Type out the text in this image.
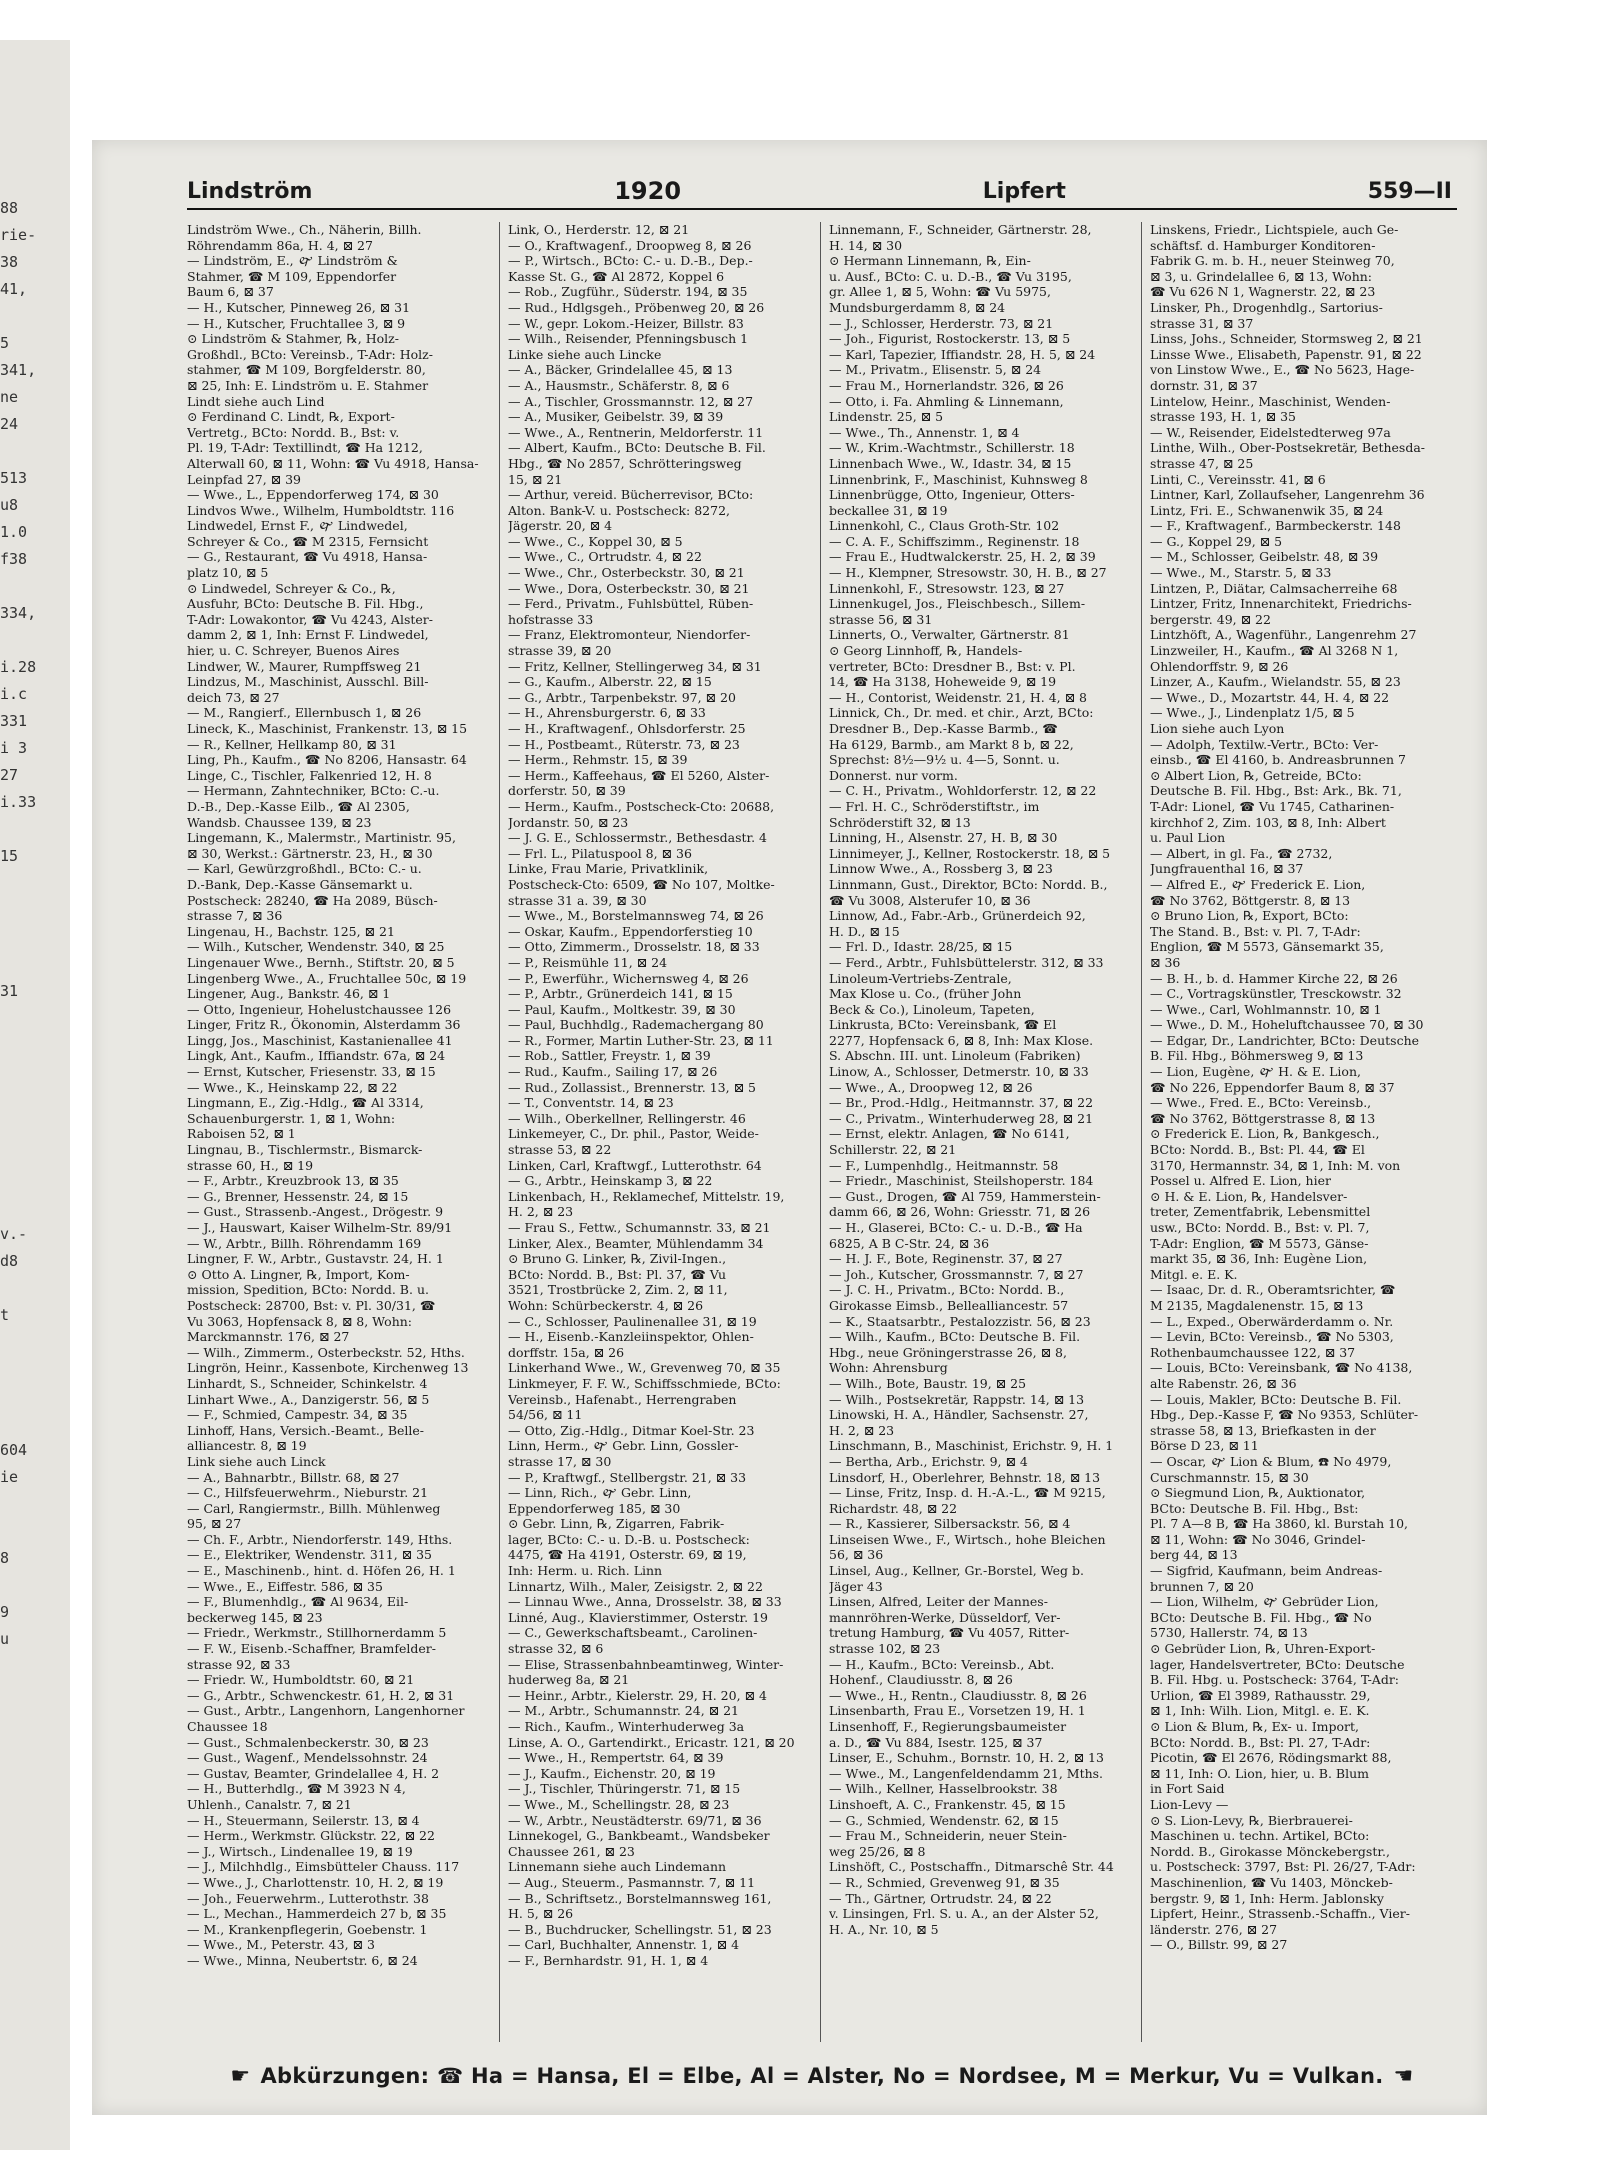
88
rie-
38
41,

5
341,
ne
24

513
u8
1.0
f38

334,

i.28
i.c
331
i 3
27
i.33

15

31

v.-
d8

t

604
ie

8

9
u
Lindström	1920	Lipfert	559—II
Lindström Wwe., Ch., Näherin, Billh.
Röhrendamm 86a, H. 4, ⊠ 27
— Lindström, E., 🙰 Lindström &
Stahmer, ☎ M 109, Eppendorfer
Baum 6, ⊠ 37
— H., Kutscher, Pinneweg 26, ⊠ 31
— H., Kutscher, Fruchtallee 3, ⊠ 9
⊙ Lindström & Stahmer, ℞, Holz-
Großhdl., BCto: Vereinsb., T-Adr: Holz-
stahmer, ☎ M 109, Borgfelderstr. 80,
⊠ 25, Inh: E. Lindström u. E. Stahmer
Lindt siehe auch Lind
⊙ Ferdinand C. Lindt, ℞, Export-
Vertretg., BCto: Nordd. B., Bst: v.
Pl. 19, T-Adr: Textillindt, ☎ Ha 1212,
Alterwall 60, ⊠ 11, Wohn: ☎ Vu 4918, Hansa-
Leinpfad 27, ⊠ 39
— Wwe., L., Eppendorferweg 174, ⊠ 30
Lindvos Wwe., Wilhelm, Humboldtstr. 116
Lindwedel, Ernst F., 🙰 Lindwedel,
Schreyer & Co., ☎ M 2315, Fernsicht
— G., Restaurant, ☎ Vu 4918, Hansa-
platz 10, ⊠ 5
⊙ Lindwedel, Schreyer & Co., ℞,
Ausfuhr, BCto: Deutsche B. Fil. Hbg.,
T-Adr: Lowakontor, ☎ Vu 4243, Alster-
damm 2, ⊠ 1, Inh: Ernst F. Lindwedel,
hier, u. C. Schreyer, Buenos Aires
Lindwer, W., Maurer, Rumpffsweg 21
Lindzus, M., Maschinist, Ausschl. Bill-
deich 73, ⊠ 27
— M., Rangierf., Ellernbusch 1, ⊠ 26
Lineck, K., Maschinist, Frankenstr. 13, ⊠ 15
— R., Kellner, Hellkamp 80, ⊠ 31
Ling, Ph., Kaufm., ☎ No 8206, Hansastr. 64
Linge, C., Tischler, Falkenried 12, H. 8
— Hermann, Zahntechniker, BCto: C.-u.
D.-B., Dep.-Kasse Eilb., ☎ Al 2305,
Wandsb. Chaussee 139, ⊠ 23
Lingemann, K., Malermstr., Martinistr. 95,
⊠ 30, Werkst.: Gärtnerstr. 23, H., ⊠ 30
— Karl, Gewürzgroßhdl., BCto: C.- u.
D.-Bank, Dep.-Kasse Gänsemarkt u.
Postscheck: 28240, ☎ Ha 2089, Büsch-
strasse 7, ⊠ 36
Lingenau, H., Bachstr. 125, ⊠ 21
— Wilh., Kutscher, Wendenstr. 340, ⊠ 25
Lingenauer Wwe., Bernh., Stiftstr. 20, ⊠ 5
Lingenberg Wwe., A., Fruchtallee 50c, ⊠ 19
Lingener, Aug., Bankstr. 46, ⊠ 1
— Otto, Ingenieur, Hohelustchaussee 126
Linger, Fritz R., Ökonomin, Alsterdamm 36
Lingg, Jos., Maschinist, Kastanienallee 41
Lingk, Ant., Kaufm., Iffiandstr. 67a, ⊠ 24
— Ernst, Kutscher, Friesenstr. 33, ⊠ 15
— Wwe., K., Heinskamp 22, ⊠ 22
Lingmann, E., Zig.-Hdlg., ☎ Al 3314,
Schauenburgerstr. 1, ⊠ 1, Wohn:
Raboisen 52, ⊠ 1
Lingnau, B., Tischlermstr., Bismarck-
strasse 60, H., ⊠ 19
— F., Arbtr., Kreuzbrook 13, ⊠ 35
— G., Brenner, Hessenstr. 24, ⊠ 15
— Gust., Strassenb.-Angest., Drögestr. 9
— J., Hauswart, Kaiser Wilhelm-Str. 89/91
— W., Arbtr., Billh. Röhrendamm 169
Lingner, F. W., Arbtr., Gustavstr. 24, H. 1
⊙ Otto A. Lingner, ℞, Import, Kom-
mission, Spedition, BCto: Nordd. B. u.
Postscheck: 28700, Bst: v. Pl. 30/31, ☎
Vu 3063, Hopfensack 8, ⊠ 8, Wohn:
Marckmannstr. 176, ⊠ 27
— Wilh., Zimmerm., Osterbeckstr. 52, Hths.
Lingrön, Heinr., Kassenbote, Kirchenweg 13
Linhardt, S., Schneider, Schinkelstr. 4
Linhart Wwe., A., Danzigerstr. 56, ⊠ 5
— F., Schmied, Campestr. 34, ⊠ 35
Linhoff, Hans, Versich.-Beamt., Belle-
alliancestr. 8, ⊠ 19
Link siehe auch Linck
— A., Bahnarbtr., Billstr. 68, ⊠ 27
— C., Hilfsfeuerwehrm., Nieburstr. 21
— Carl, Rangiermstr., Billh. Mühlenweg
95, ⊠ 27
— Ch. F., Arbtr., Niendorferstr. 149, Hths.
— E., Elektriker, Wendenstr. 311, ⊠ 35
— E., Maschinenb., hint. d. Höfen 26, H. 1
— Wwe., E., Eiffestr. 586, ⊠ 35
— F., Blumenhdlg., ☎ Al 9634, Eil-
beckerweg 145, ⊠ 23
— Friedr., Werkmstr., Stillhornerdamm 5
— F. W., Eisenb.-Schaffner, Bramfelder-
strasse 92, ⊠ 33
— Friedr. W., Humboldtstr. 60, ⊠ 21
— G., Arbtr., Schwenckestr. 61, H. 2, ⊠ 31
— Gust., Arbtr., Langenhorn, Langenhorner
Chaussee 18
— Gust., Schmalenbeckerstr. 30, ⊠ 23
— Gust., Wagenf., Mendelssohnstr. 24
— Gustav, Beamter, Grindelallee 4, H. 2
— H., Butterhdlg., ☎ M 3923 N 4,
Uhlenh., Canalstr. 7, ⊠ 21
— H., Steuermann, Seilerstr. 13, ⊠ 4
— Herm., Werkmstr. Glückstr. 22, ⊠ 22
— J., Wirtsch., Lindenallee 19, ⊠ 19
— J., Milchhdlg., Eimsbütteler Chauss. 117
— Wwe., J., Charlottenstr. 10, H. 2, ⊠ 19
— Joh., Feuerwehrm., Lutterothstr. 38
— L., Mechan., Hammerdeich 27 b, ⊠ 35
— M., Krankenpflegerin, Goebenstr. 1
— Wwe., M., Peterstr. 43, ⊠ 3
— Wwe., Minna, Neubertstr. 6, ⊠ 24
Link, O., Herderstr. 12, ⊠ 21
— O., Kraftwagenf., Droopweg 8, ⊠ 26
— P., Wirtsch., BCto: C.- u. D.-B., Dep.-
Kasse St. G., ☎ Al 2872, Koppel 6
— Rob., Zugführ., Süderstr. 194, ⊠ 35
— Rud., Hdlgsgeh., Pröbenweg 20, ⊠ 26
— W., gepr. Lokom.-Heizer, Billstr. 83
— Wilh., Reisender, Pfenningsbusch 1
Linke siehe auch Lincke
— A., Bäcker, Grindelallee 45, ⊠ 13
— A., Hausmstr., Schäferstr. 8, ⊠ 6
— A., Tischler, Grossmannstr. 12, ⊠ 27
— A., Musiker, Geibelstr. 39, ⊠ 39
— Wwe., A., Rentnerin, Meldorferstr. 11
— Albert, Kaufm., BCto: Deutsche B. Fil.
Hbg., ☎ No 2857, Schrötteringsweg
15, ⊠ 21
— Arthur, vereid. Bücherrevisor, BCto:
Alton. Bank-V. u. Postscheck: 8272,
Jägerstr. 20, ⊠ 4
— Wwe., C., Koppel 30, ⊠ 5
— Wwe., C., Ortrudstr. 4, ⊠ 22
— Wwe., Chr., Osterbeckstr. 30, ⊠ 21
— Wwe., Dora, Osterbeckstr. 30, ⊠ 21
— Ferd., Privatm., Fuhlsbüttel, Rüben-
hofstrasse 33
— Franz, Elektromonteur, Niendorfer-
strasse 39, ⊠ 20
— Fritz, Kellner, Stellingerweg 34, ⊠ 31
— G., Kaufm., Alberstr. 22, ⊠ 15
— G., Arbtr., Tarpenbekstr. 97, ⊠ 20
— H., Ahrensburgerstr. 6, ⊠ 33
— H., Kraftwagenf., Ohlsdorferstr. 25
— H., Postbeamt., Rüterstr. 73, ⊠ 23
— Herm., Rehmstr. 15, ⊠ 39
— Herm., Kaffeehaus, ☎ El 5260, Alster-
dorferstr. 50, ⊠ 39
— Herm., Kaufm., Postscheck-Cto: 20688,
Jordanstr. 50, ⊠ 23
— J. G. E., Schlossermstr., Bethesdastr. 4
— Frl. L., Pilatuspool 8, ⊠ 36
Linke, Frau Marie, Privatklinik,
Postscheck-Cto: 6509, ☎ No 107, Moltke-
strasse 31 a. 39, ⊠ 30
— Wwe., M., Borstelmannsweg 74, ⊠ 26
— Oskar, Kaufm., Eppendorferstieg 10
— Otto, Zimmerm., Drosselstr. 18, ⊠ 33
— P., Reismühle 11, ⊠ 24
— P., Ewerführ., Wichernsweg 4, ⊠ 26
— P., Arbtr., Grünerdeich 141, ⊠ 15
— Paul, Kaufm., Moltkestr. 39, ⊠ 30
— Paul, Buchhdlg., Rademachergang 80
— R., Former, Martin Luther-Str. 23, ⊠ 11
— Rob., Sattler, Freystr. 1, ⊠ 39
— Rud., Kaufm., Sailing 17, ⊠ 26
— Rud., Zollassist., Brennerstr. 13, ⊠ 5
— T., Conventstr. 14, ⊠ 23
— Wilh., Oberkellner, Rellingerstr. 46
Linkemeyer, C., Dr. phil., Pastor, Weide-
strasse 53, ⊠ 22
Linken, Carl, Kraftwgf., Lutterothstr. 64
— G., Arbtr., Heinskamp 3, ⊠ 22
Linkenbach, H., Reklamechef, Mittelstr. 19,
H. 2, ⊠ 23
— Frau S., Fettw., Schumannstr. 33, ⊠ 21
Linker, Alex., Beamter, Mühlendamm 34
⊙ Bruno G. Linker, ℞, Zivil-Ingen.,
BCto: Nordd. B., Bst: Pl. 37, ☎ Vu
3521, Trostbrücke 2, Zim. 2, ⊠ 11,
Wohn: Schürbeckerstr. 4, ⊠ 26
— C., Schlosser, Paulinenallee 31, ⊠ 19
— H., Eisenb.-Kanzleiinspektor, Ohlen-
dorffstr. 15a, ⊠ 26
Linkerhand Wwe., W., Grevenweg 70, ⊠ 35
Linkmeyer, F. F. W., Schiffsschmiede, BCto:
Vereinsb., Hafenabt., Herrengraben
54/56, ⊠ 11
— Otto, Zig.-Hdlg., Ditmar Koel-Str. 23
Linn, Herm., 🙰 Gebr. Linn, Gossler-
strasse 17, ⊠ 30
— P., Kraftwgf., Stellbergstr. 21, ⊠ 33
— Linn, Rich., 🙰 Gebr. Linn,
Eppendorferweg 185, ⊠ 30
⊙ Gebr. Linn, ℞, Zigarren, Fabrik-
lager, BCto: C.- u. D.-B. u. Postscheck:
4475, ☎ Ha 4191, Osterstr. 69, ⊠ 19,
Inh: Herm. u. Rich. Linn
Linnartz, Wilh., Maler, Zeisigstr. 2, ⊠ 22
— Linnau Wwe., Anna, Drosselstr. 38, ⊠ 33
Linné, Aug., Klavierstimmer, Osterstr. 19
— C., Gewerkschaftsbeamt., Carolinen-
strasse 32, ⊠ 6
— Elise, Strassenbahnbeamtinweg, Winter-
huderweg 8a, ⊠ 21
— Heinr., Arbtr., Kielerstr. 29, H. 20, ⊠ 4
— M., Arbtr., Schumannstr. 24, ⊠ 21
— Rich., Kaufm., Winterhuderweg 3a
Linse, A. O., Gartendirkt., Ericastr. 121, ⊠ 20
— Wwe., H., Rempertstr. 64, ⊠ 39
— J., Kaufm., Eichenstr. 20, ⊠ 19
— J., Tischler, Thüringerstr. 71, ⊠ 15
— Wwe., M., Schellingstr. 28, ⊠ 23
— W., Arbtr., Neustädterstr. 69/71, ⊠ 36
Linnekogel, G., Bankbeamt., Wandsbeker
Chaussee 261, ⊠ 23
Linnemann siehe auch Lindemann
— Aug., Steuerm., Pasmannstr. 7, ⊠ 11
— B., Schriftsetz., Borstelmannsweg 161,
H. 5, ⊠ 26
— B., Buchdrucker, Schellingstr. 51, ⊠ 23
— Carl, Buchhalter, Annenstr. 1, ⊠ 4
— F., Bernhardstr. 91, H. 1, ⊠ 4
Linnemann, F., Schneider, Gärtnerstr. 28,
H. 14, ⊠ 30
⊙ Hermann Linnemann, ℞, Ein-
u. Ausf., BCto: C. u. D.-B., ☎ Vu 3195,
gr. Allee 1, ⊠ 5, Wohn: ☎ Vu 5975,
Mundsburgerdamm 8, ⊠ 24
— J., Schlosser, Herderstr. 73, ⊠ 21
— Joh., Figurist, Rostockerstr. 13, ⊠ 5
— Karl, Tapezier, Iffiandstr. 28, H. 5, ⊠ 24
— M., Privatm., Elisenstr. 5, ⊠ 24
— Frau M., Hornerlandstr. 326, ⊠ 26
— Otto, i. Fa. Ahmling & Linnemann,
Lindenstr. 25, ⊠ 5
— Wwe., Th., Annenstr. 1, ⊠ 4
— W., Krim.-Wachtmstr., Schillerstr. 18
Linnenbach Wwe., W., Idastr. 34, ⊠ 15
Linnenbrink, F., Maschinist, Kuhnsweg 8
Linnenbrügge, Otto, Ingenieur, Otters-
beckallee 31, ⊠ 19
Linnenkohl, C., Claus Groth-Str. 102
— C. A. F., Schiffszimm., Reginenstr. 18
— Frau E., Hudtwalckerstr. 25, H. 2, ⊠ 39
— H., Klempner, Stresowstr. 30, H. B., ⊠ 27
Linnenkohl, F., Stresowstr. 123, ⊠ 27
Linnenkugel, Jos., Fleischbesch., Sillem-
strasse 56, ⊠ 31
Linnerts, O., Verwalter, Gärtnerstr. 81
⊙ Georg Linnhoff, ℞, Handels-
vertreter, BCto: Dresdner B., Bst: v. Pl.
14, ☎ Ha 3138, Hoheweide 9, ⊠ 19
— H., Contorist, Weidenstr. 21, H. 4, ⊠ 8
Linnick, Ch., Dr. med. et chir., Arzt, BCto:
Dresdner B., Dep.-Kasse Barmb., ☎
Ha 6129, Barmb., am Markt 8 b, ⊠ 22,
Sprechst: 8½—9½ u. 4—5, Sonnt. u.
Donnerst. nur vorm.
— C. H., Privatm., Wohldorferstr. 12, ⊠ 22
— Frl. H. C., Schröderstiftstr., im
Schröderstift 32, ⊠ 13
Linning, H., Alsenstr. 27, H. B, ⊠ 30
Linnimeyer, J., Kellner, Rostockerstr. 18, ⊠ 5
Linnow Wwe., A., Rossberg 3, ⊠ 23
Linnmann, Gust., Direktor, BCto: Nordd. B.,
☎ Vu 3008, Alsterufer 10, ⊠ 36
Linnow, Ad., Fabr.-Arb., Grünerdeich 92,
H. D., ⊠ 15
— Frl. D., Idastr. 28/25, ⊠ 15
— Ferd., Arbtr., Fuhlsbüttelerstr. 312, ⊠ 33
Linoleum-Vertriebs-Zentrale,
Max Klose u. Co., (früher John
Beck & Co.), Linoleum, Tapeten,
Linkrusta, BCto: Vereinsbank, ☎ El
2277, Hopfensack 6, ⊠ 8, Inh: Max Klose.
S. Abschn. III. unt. Linoleum (Fabriken)
Linow, A., Schlosser, Detmerstr. 10, ⊠ 33
— Wwe., A., Droopweg 12, ⊠ 26
— Br., Prod.-Hdlg., Heitmannstr. 37, ⊠ 22
— C., Privatm., Winterhuderweg 28, ⊠ 21
— Ernst, elektr. Anlagen, ☎ No 6141,
Schillerstr. 22, ⊠ 21
— F., Lumpenhdlg., Heitmannstr. 58
— Friedr., Maschinist, Steilshoperstr. 184
— Gust., Drogen, ☎ Al 759, Hammerstein-
damm 66, ⊠ 26, Wohn: Griesstr. 71, ⊠ 26
— H., Glaserei, BCto: C.- u. D.-B., ☎ Ha
6825, A B C-Str. 24, ⊠ 36
— H. J. F., Bote, Reginenstr. 37, ⊠ 27
— Joh., Kutscher, Grossmannstr. 7, ⊠ 27
— J. C. H., Privatm., BCto: Nordd. B.,
Girokasse Eimsb., Bellealliancestr. 57
— K., Staatsarbtr., Pestalozzistr. 56, ⊠ 23
— Wilh., Kaufm., BCto: Deutsche B. Fil.
Hbg., neue Gröningerstrasse 26, ⊠ 8,
Wohn: Ahrensburg
— Wilh., Bote, Baustr. 19, ⊠ 25
— Wilh., Postsekretär, Rappstr. 14, ⊠ 13
Linowski, H. A., Händler, Sachsenstr. 27,
H. 2, ⊠ 23
Linschmann, B., Maschinist, Erichstr. 9, H. 1
— Bertha, Arb., Erichstr. 9, ⊠ 4
Linsdorf, H., Oberlehrer, Behnstr. 18, ⊠ 13
— Linse, Fritz, Insp. d. H.-A.-L., ☎ M 9215,
Richardstr. 48, ⊠ 22
— R., Kassierer, Silbersackstr. 56, ⊠ 4
Linseisen Wwe., F., Wirtsch., hohe Bleichen
56, ⊠ 36
Linsel, Aug., Kellner, Gr.-Borstel, Weg b.
Jäger 43
Linsen, Alfred, Leiter der Mannes-
mannröhren-Werke, Düsseldorf, Ver-
tretung Hamburg, ☎ Vu 4057, Ritter-
strasse 102, ⊠ 23
— H., Kaufm., BCto: Vereinsb., Abt.
Hohenf., Claudiusstr. 8, ⊠ 26
— Wwe., H., Rentn., Claudiusstr. 8, ⊠ 26
Linsenbarth, Frau E., Vorsetzen 19, H. 1
Linsenhoff, F., Regierungsbaumeister
a. D., ☎ Vu 884, Isestr. 125, ⊠ 37
Linser, E., Schuhm., Bornstr. 10, H. 2, ⊠ 13
— Wwe., M., Langenfeldendamm 21, Mths.
— Wilh., Kellner, Hasselbrookstr. 38
Linshoeft, A. C., Frankenstr. 45, ⊠ 15
— G., Schmied, Wendenstr. 62, ⊠ 15
— Frau M., Schneiderin, neuer Stein-
weg 25/26, ⊠ 8
Linshöft, C., Postschaffn., Ditmarschê Str. 44
— R., Schmied, Grevenweg 91, ⊠ 35
— Th., Gärtner, Ortrudstr. 24, ⊠ 22
v. Linsingen, Frl. S. u. A., an der Alster 52,
H. A., Nr. 10, ⊠ 5
Linskens, Friedr., Lichtspiele, auch Ge-
schäftsf. d. Hamburger Konditoren-
Fabrik G. m. b. H., neuer Steinweg 70,
⊠ 3, u. Grindelallee 6, ⊠ 13, Wohn:
☎ Vu 626 N 1, Wagnerstr. 22, ⊠ 23
Linsker, Ph., Drogenhdlg., Sartorius-
strasse 31, ⊠ 37
Linss, Johs., Schneider, Stormsweg 2, ⊠ 21
Linsse Wwe., Elisabeth, Papenstr. 91, ⊠ 22
von Linstow Wwe., E., ☎ No 5623, Hage-
dornstr. 31, ⊠ 37
Lintelow, Heinr., Maschinist, Wenden-
strasse 193, H. 1, ⊠ 35
— W., Reisender, Eidelstedterweg 97a
Linthe, Wilh., Ober-Postsekretär, Bethesda-
strasse 47, ⊠ 25
Linti, C., Vereinsstr. 41, ⊠ 6
Lintner, Karl, Zollaufseher, Langenrehm 36
Lintz, Fri. E., Schwanenwik 35, ⊠ 24
— F., Kraftwagenf., Barmbeckerstr. 148
— G., Koppel 29, ⊠ 5
— M., Schlosser, Geibelstr. 48, ⊠ 39
— Wwe., M., Starstr. 5, ⊠ 33
Lintzen, P., Diätar, Calmsacherreihe 68
Lintzer, Fritz, Innenarchitekt, Friedrichs-
bergerstr. 49, ⊠ 22
Lintzhöft, A., Wagenführ., Langenrehm 27
Linzweiler, H., Kaufm., ☎ Al 3268 N 1,
Ohlendorffstr. 9, ⊠ 26
Linzer, A., Kaufm., Wielandstr. 55, ⊠ 23
— Wwe., D., Mozartstr. 44, H. 4, ⊠ 22
— Wwe., J., Lindenplatz 1/5, ⊠ 5
Lion siehe auch Lyon
— Adolph, Textilw.-Vertr., BCto: Ver-
einsb., ☎ El 4160, b. Andreasbrunnen 7
⊙ Albert Lion, ℞, Getreide, BCto:
Deutsche B. Fil. Hbg., Bst: Ark., Bk. 71,
T-Adr: Lionel, ☎ Vu 1745, Catharinen-
kirchhof 2, Zim. 103, ⊠ 8, Inh: Albert
u. Paul Lion
— Albert, in gl. Fa., ☎ 2732,
Jungfrauenthal 16, ⊠ 37
— Alfred E., 🙰 Frederick E. Lion,
☎ No 3762, Böttgerstr. 8, ⊠ 13
⊙ Bruno Lion, ℞, Export, BCto:
The Stand. B., Bst: v. Pl. 7, T-Adr:
Englion, ☎ M 5573, Gänsemarkt 35,
⊠ 36
— B. H., b. d. Hammer Kirche 22, ⊠ 26
— C., Vortragskünstler, Tresckowstr. 32
— Wwe., Carl, Wohlmannstr. 10, ⊠ 1
— Wwe., D. M., Hoheluftchaussee 70, ⊠ 30
— Edgar, Dr., Landrichter, BCto: Deutsche
B. Fil. Hbg., Böhmersweg 9, ⊠ 13
— Lion, Eugène, 🙰 H. & E. Lion,
☎ No 226, Eppendorfer Baum 8, ⊠ 37
— Wwe., Fred. E., BCto: Vereinsb.,
☎ No 3762, Böttgerstrasse 8, ⊠ 13
⊙ Frederick E. Lion, ℞, Bankgesch.,
BCto: Nordd. B., Bst: Pl. 44, ☎ El
3170, Hermannstr. 34, ⊠ 1, Inh: M. von
Possel u. Alfred E. Lion, hier
⊙ H. & E. Lion, ℞, Handelsver-
treter, Zementfabrik, Lebensmittel
usw., BCto: Nordd. B., Bst: v. Pl. 7,
T-Adr: Englion, ☎ M 5573, Gänse-
markt 35, ⊠ 36, Inh: Eugène Lion,
Mitgl. e. E. K.
— Isaac, Dr. d. R., Oberamtsrichter, ☎
M 2135, Magdalenenstr. 15, ⊠ 13
— L., Exped., Oberwärderdamm o. Nr.
— Levin, BCto: Vereinsb., ☎ No 5303,
Rothenbaumchaussee 122, ⊠ 37
— Louis, BCto: Vereinsbank, ☎ No 4138,
alte Rabenstr. 26, ⊠ 36
— Louis, Makler, BCto: Deutsche B. Fil.
Hbg., Dep.-Kasse F, ☎ No 9353, Schlüter-
strasse 58, ⊠ 13, Briefkasten in der
Börse D 23, ⊠ 11
— Oscar, 🙰 Lion & Blum, ☎ No 4979,
Curschmannstr. 15, ⊠ 30
⊙ Siegmund Lion, ℞, Auktionator,
BCto: Deutsche B. Fil. Hbg., Bst:
Pl. 7 A—8 B, ☎ Ha 3860, kl. Burstah 10,
⊠ 11, Wohn: ☎ No 3046, Grindel-
berg 44, ⊠ 13
— Sigfrid, Kaufmann, beim Andreas-
brunnen 7, ⊠ 20
— Lion, Wilhelm, 🙰 Gebrüder Lion,
BCto: Deutsche B. Fil. Hbg., ☎ No
5730, Hallerstr. 74, ⊠ 13
⊙ Gebrüder Lion, ℞, Uhren-Export-
lager, Handelsvertreter, BCto: Deutsche
B. Fil. Hbg. u. Postscheck: 3764, T-Adr:
Urlion, ☎ El 3989, Rathausstr. 29,
⊠ 1, Inh: Wilh. Lion, Mitgl. e. E. K.
⊙ Lion & Blum, ℞, Ex- u. Import,
BCto: Nordd. B., Bst: Pl. 27, T-Adr:
Picotin, ☎ El 2676, Rödingsmarkt 88,
⊠ 11, Inh: O. Lion, hier, u. B. Blum
in Fort Said
Lion-Levy —
⊙ S. Lion-Levy, ℞, Bierbrauerei-
Maschinen u. techn. Artikel, BCto:
Nordd. B., Girokasse Mönckebergstr.,
u. Postscheck: 3797, Bst: Pl. 26/27, T-Adr:
Maschinenlion, ☎ Vu 1403, Mönckeb-
bergstr. 9, ⊠ 1, Inh: Herm. Jablonsky
Lipfert, Heinr., Strassenb.-Schaffn., Vier-
länderstr. 276, ⊠ 27
— O., Billstr. 99, ⊠ 27
☛ Abkürzungen: ☎ Ha = Hansa, El = Elbe, Al = Alster, No = Nordsee, M = Merkur, Vu = Vulkan. ☚
